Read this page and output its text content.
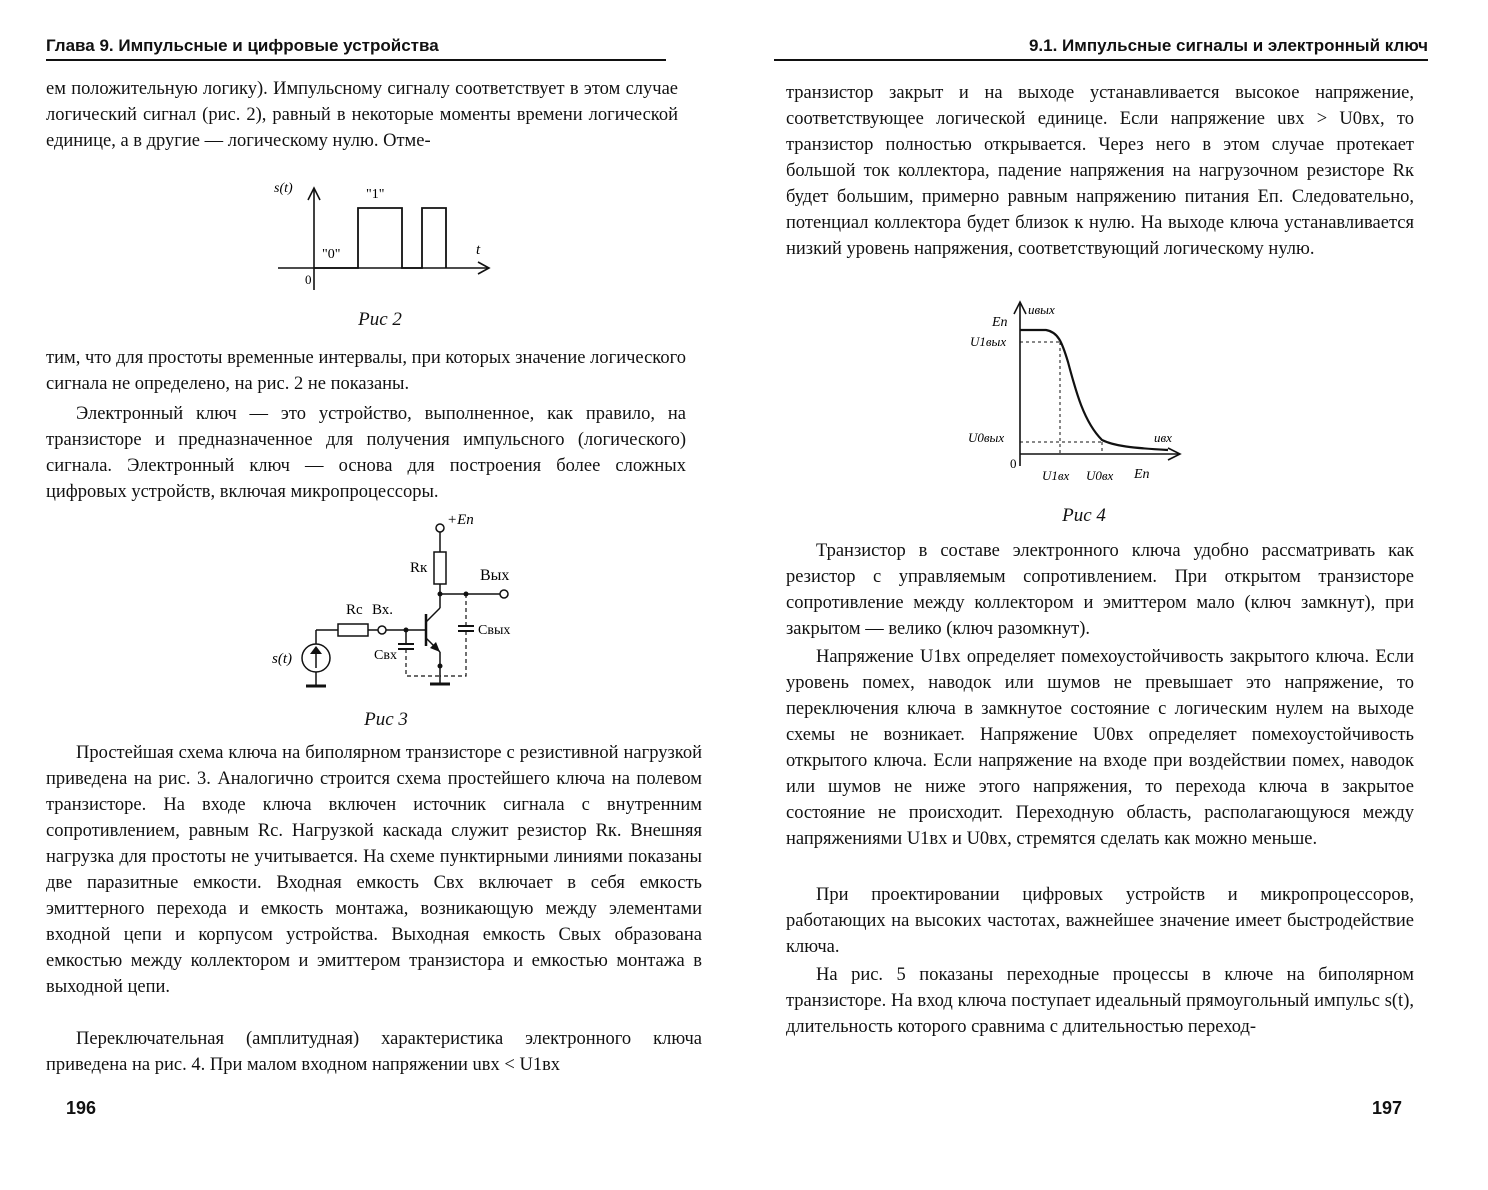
Глава 9. Импульсные и цифровые устройства

ем положительную логику). Импульсному сигналу соответствует в этом случае логический сигнал (рис. 2), равный в некоторые моменты времени логической единице, а в другие — логическому нулю. Отме-

s(t)
t
"1"
"0"
0
Рис 2

тим, что для простоты временные интервалы, при которых значение логического сигнала не определено, на рис. 2 не показаны.

Электронный ключ — это устройство, выполненное, как правило, на транзисторе и предназначенное для получения импульсного (логического) сигнала. Электронный ключ — основа для построения более сложных цифровых устройств, включая микропроцессоры.

+Eп
Rк	Вых
Вх.
Rc
s(t)	Cвх
Cвых
Рис 3

Простейшая схема ключа на биполярном транзисторе с резистивной нагрузкой приведена на рис. 3. Аналогично строится схема простейшего ключа на полевом транзисторе. На входе ключа включен источник сигнала с внутренним сопротивлением, равным Rc. Нагрузкой каскада служит резистор Rк. Внешняя нагрузка для простоты не учитывается. На схеме пунктирными линиями показаны две паразитные емкости. Входная емкость Cвх включает в себя емкость эмиттерного перехода и емкость монтажа, возникающую между элементами входной цепи и корпусом устройства. Выходная емкость Cвых образована емкостью между коллектором и эмиттером транзистора и емкостью монтажа в выходной цепи.

Переключательная (амплитудная) характеристика электронного ключа приведена на рис. 4. При малом входном напряжении uвх < U1вх

196
9.1. Импульсные сигналы и электронный ключ

транзистор закрыт и на выходе устанавливается высокое напряжение, соответствующее логической единице. Если напряжение uвх > U0вх, то транзистор полностью открывается. Через него в этом случае протекает большой ток коллектора, падение напряжения на нагрузочном резисторе Rк будет большим, примерно равным напряжению питания Eп. Следовательно, потенциал коллектора будет близок к нулю. На выходе ключа устанавливается низкий уровень напряжения, соответствующий логическому нулю.

uвых
Eп
U1вых
U0вых	uвх
0
U1вх U0вх Eп
Рис 4

Транзистор в составе электронного ключа удобно рассматривать как резистор с управляемым сопротивлением. При открытом транзисторе сопротивление между коллектором и эмиттером мало (ключ замкнут), при закрытом — велико (ключ разомкнут).

Напряжение U1вх определяет помехоустойчивость закрытого ключа. Если уровень помех, наводок или шумов не превышает это напряжение, то переключения ключа в замкнутое состояние с логическим нулем на выходе схемы не возникает. Напряжение U0вх определяет помехоустойчивость открытого ключа. Если напряжение на входе при воздействии помех, наводок или шумов не ниже этого напряжения, то перехода ключа в закрытое состояние не происходит. Переходную область, располагающуюся между напряжениями U1вх и U0вх, стремятся сделать как можно меньше.

При проектировании цифровых устройств и микропроцессоров, работающих на высоких частотах, важнейшее значение имеет быстродействие ключа.

На рис. 5 показаны переходные процессы в ключе на биполярном транзисторе. На вход ключа поступает идеальный прямоугольный импульс s(t), длительность которого сравнима с длительностью переход-

197
